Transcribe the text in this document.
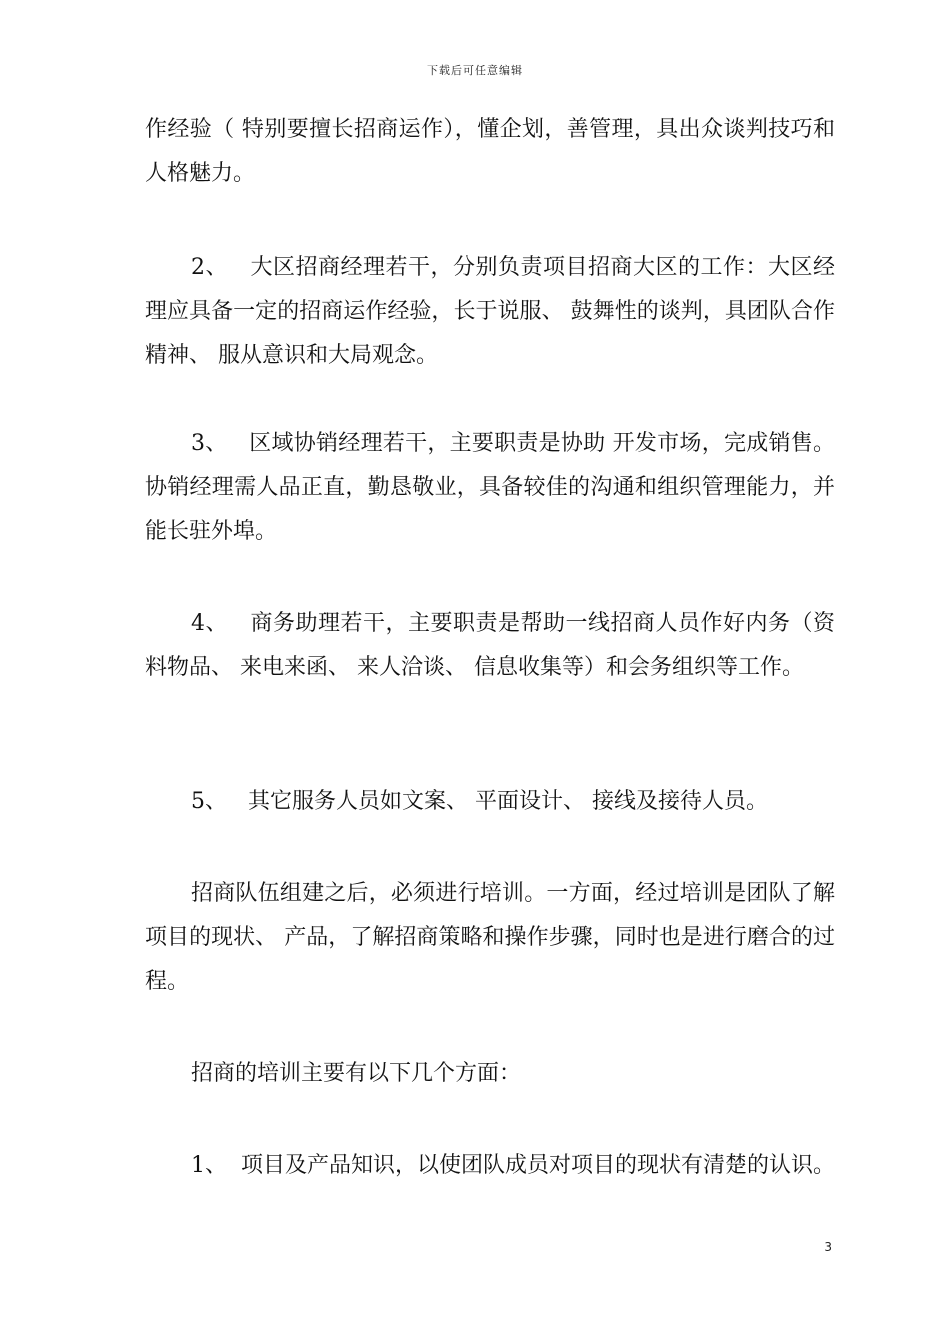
下载后可任意编辑

作经验（ 特别要擅长招商运作），懂企划，善管理，具出众谈判技巧和人格魅力。

2、   大区招商经理若干，分别负责项目招商大区的工作：大区经理应具备一定的招商运作经验，长于说服、 鼓舞性的谈判，具团队合作精神、 服从意识和大局观念。

3、   区域协销经理若干，主要职责是协助 开发市场，完成销售。协销经理需人品正直，勤恳敬业，具备较佳的沟通和组织管理能力，并能长驻外埠。

4、   商务助理若干，主要职责是帮助一线招商人员作好内务（资料物品、 来电来函、 来人洽谈、 信息收集等）和会务组织等工作。

5、   其它服务人员如文案、 平面设计、 接线及接待人员。

招商队伍组建之后，必须进行培训。一方面，经过培训是团队了解项目的现状、 产品，了解招商策略和操作步骤，同时也是进行磨合的过程。

招商的培训主要有以下几个方面：

1、  项目及产品知识，以使团队成员对项目的现状有清楚的认识。

3
